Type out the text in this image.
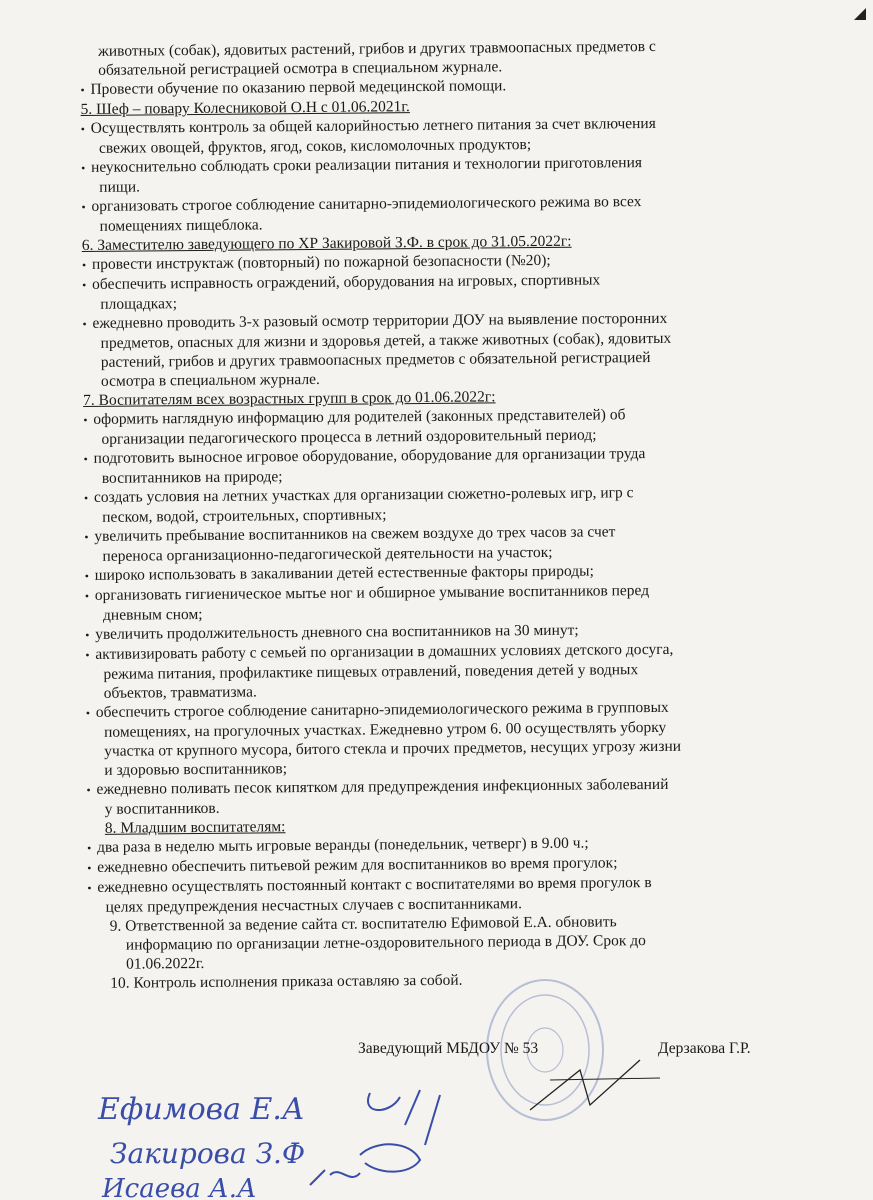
животных (собак), ядовитых растений, грибов и других травмоопасных предметов с
обязательной регистрацией осмотра в специальном журнале.
• Провести обучение по оказанию первой медецинской помощи.
5. Шеф – повару Колесниковой О.Н с 01.06.2021г.
• Осуществлять контроль за общей калорийностью летнего питания за счет включения
свежих овощей, фруктов, ягод, соков, кисломолочных продуктов;
• неукоснительно соблюдать сроки реализации питания и технологии приготовления
пищи.
• организовать строгое соблюдение санитарно-эпидемиологического режима во всех
помещениях пищеблока.
6. Заместителю заведующего по ХР Закировой З.Ф. в срок до 31.05.2022г:
• провести инструктаж (повторный) по пожарной безопасности (№20);
• обеспечить исправность ограждений, оборудования на игровых, спортивных
площадках;
• ежедневно проводить 3-х разовый осмотр территории ДОУ на выявление посторонних
предметов, опасных для жизни и здоровья детей, а также животных (собак), ядовитых
растений, грибов и других травмоопасных предметов с обязательной регистрацией
осмотра в специальном журнале.
7. Воспитателям всех возрастных групп в срок до 01.06.2022г:
• оформить наглядную информацию для родителей (законных представителей) об
организации педагогического процесса в летний оздоровительный период;
• подготовить выносное игровое оборудование, оборудование для организации труда
воспитанников на природе;
• создать условия на летних участках для организации сюжетно-ролевых игр, игр с
песком, водой, строительных, спортивных;
• увеличить пребывание воспитанников на свежем воздухе до трех часов за счет
переноса организационно-педагогической деятельности на участок;
• широко использовать в закаливании детей естественные факторы природы;
• организовать гигиеническое мытье ног и обширное умывание воспитанников перед
дневным сном;
• увеличить продолжительность дневного сна воспитанников на 30 минут;
• активизировать работу с семьей по организации в домашних условиях детского досуга,
режима питания, профилактике пищевых отравлений, поведения детей у водных
объектов, травматизма.
• обеспечить строгое соблюдение санитарно-эпидемиологического режима в групповых
помещениях, на прогулочных участках. Ежедневно утром 6. 00 осуществлять уборку
участка от крупного мусора, битого стекла и прочих предметов, несущих угрозу жизни
и здоровью воспитанников;
• ежедневно поливать песок кипятком для предупреждения инфекционных заболеваний
у воспитанников.
8. Младшим воспитателям:
• два раза в неделю мыть игровые веранды (понедельник, четверг) в 9.00 ч.;
• ежедневно обеспечить питьевой режим для воспитанников во время прогулок;
• ежедневно осуществлять постоянный контакт с воспитателями во время прогулок в
целях предупреждения несчастных случаев с воспитанниками.
9. Ответственной за ведение сайта ст. воспитателю Ефимовой Е.А. обновить
информацию по организации летне-оздоровительного периода в ДОУ. Срок до
01.06.2022г.
10. Контроль исполнения приказа оставляю за собой.
Заведующий МБДОУ № 53	Дерзакова Г.Р.
Ефимова Е.А
Закирова З.Ф
Исаева А.А
